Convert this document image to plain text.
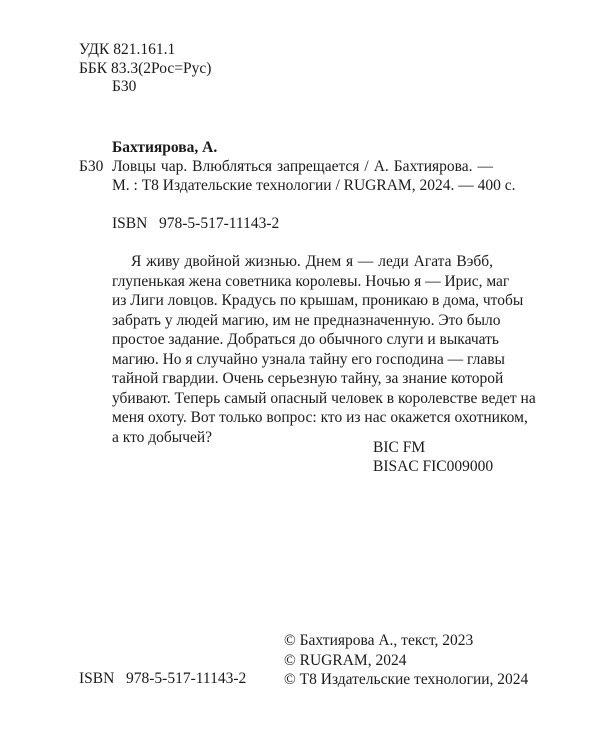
УДК 821.161.1
ББК 83.3(2Рос=Рус)
Б30
Бахтиярова, А.
Б30 Ловцы чар. Влюбляться запрещается / А. Бахтиярова. —
М. : Т8 Издательские технологии / RUGRAM, 2024. — 400 с.
ISBN 978-5-517-11143-2
Я живу двойной жизнью. Днем я — леди Агата Вэбб,
глупенькая жена советника королевы. Ночью я — Ирис, маг
из Лиги ловцов. Крадусь по крышам, проникаю в дома, чтобы
забрать у людей магию, им не предназначенную. Это было
простое задание. Добраться до обычного слуги и выкачать
магию. Но я случайно узнала тайну его господина — главы
тайной гвардии. Очень серьезную тайну, за знание которой
убивают. Теперь самый опасный человек в королевстве ведет на
меня охоту. Вот только вопрос: кто из нас окажется охотником,
а кто добычей?
BIC FM
BISAC FIC009000
© Бахтиярова А., текст, 2023
© RUGRAM, 2024
© Т8 Издательские технологии, 2024
ISBN 978-5-517-11143-2
